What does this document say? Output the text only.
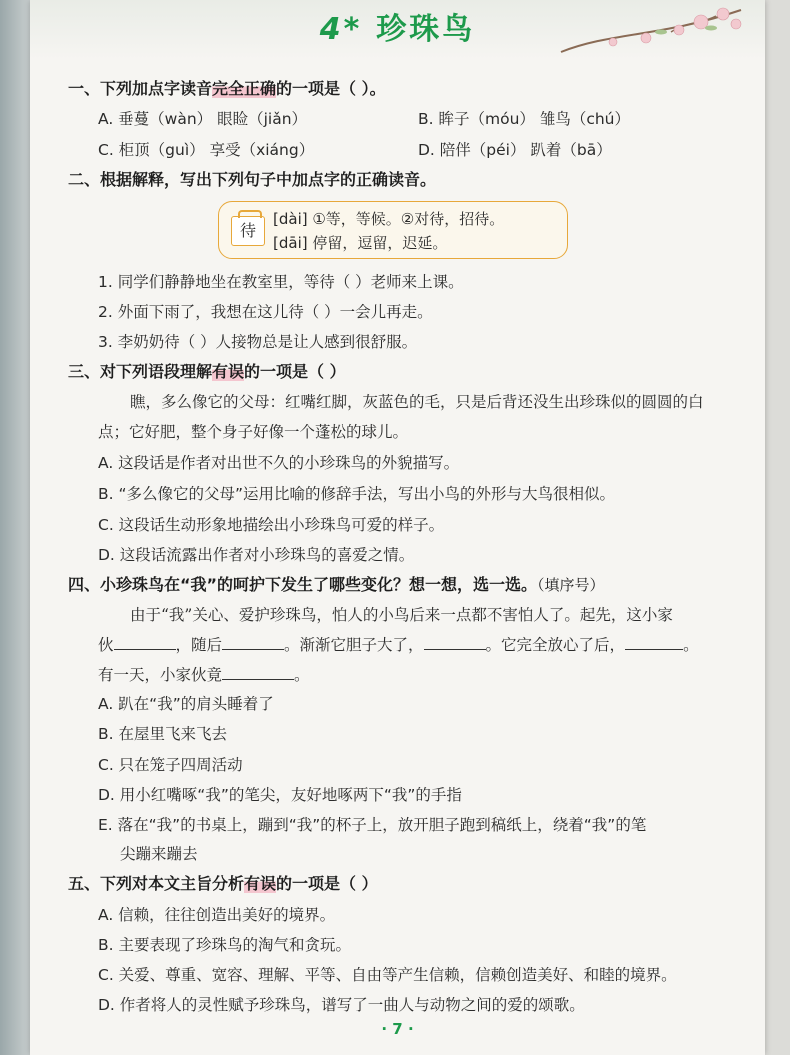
4* 珍珠鸟
一、下列加点字读音完全正确的一项是（ ）。
A. 垂蔓（wàn） 眼睑（jiǎn）	B. 眸子（móu） 雏鸟（chú）
C. 柜顶（guì） 享受（xiáng）	D. 陪伴（péi） 趴着（bā）
二、根据解释，写出下列句子中加点字的正确读音。
待
[dài] ①等，等候。②对待，招待。
[dāi] 停留，逗留，迟延。
1. 同学们静静地坐在教室里，等待（ ）老师来上课。
2. 外面下雨了，我想在这儿待（ ）一会儿再走。
3. 李奶奶待（ ）人接物总是让人感到很舒服。
三、对下列语段理解有误的一项是（ ）
瞧，多么像它的父母：红嘴红脚，灰蓝色的毛，只是后背还没生出珍珠似的圆圆的白
点；它好肥，整个身子好像一个蓬松的球儿。
A. 这段话是作者对出世不久的小珍珠鸟的外貌描写。
B. “多么像它的父母”运用比喻的修辞手法，写出小鸟的外形与大鸟很相似。
C. 这段话生动形象地描绘出小珍珠鸟可爱的样子。
D. 这段话流露出作者对小珍珠鸟的喜爱之情。
四、小珍珠鸟在“我”的呵护下发生了哪些变化？想一想，选一选。（填序号）
由于“我”关心、爱护珍珠鸟，怕人的小鸟后来一点都不害怕人了。起先，这小家
伙	，随后	。渐渐它胆子大了，	。它完全放心了后，	。
有一天，小家伙竟	。
A. 趴在“我”的肩头睡着了
B. 在屋里飞来飞去
C. 只在笼子四周活动
D. 用小红嘴啄“我”的笔尖，友好地啄两下“我”的手指
E. 落在“我”的书桌上，蹦到“我”的杯子上，放开胆子跑到稿纸上，绕着“我”的笔
尖蹦来蹦去
五、下列对本文主旨分析有误的一项是（ ）
A. 信赖，往往创造出美好的境界。
B. 主要表现了珍珠鸟的淘气和贪玩。
C. 关爱、尊重、宽容、理解、平等、自由等产生信赖，信赖创造美好、和睦的境界。
D. 作者将人的灵性赋予珍珠鸟，谱写了一曲人与动物之间的爱的颂歌。
· 7 ·
